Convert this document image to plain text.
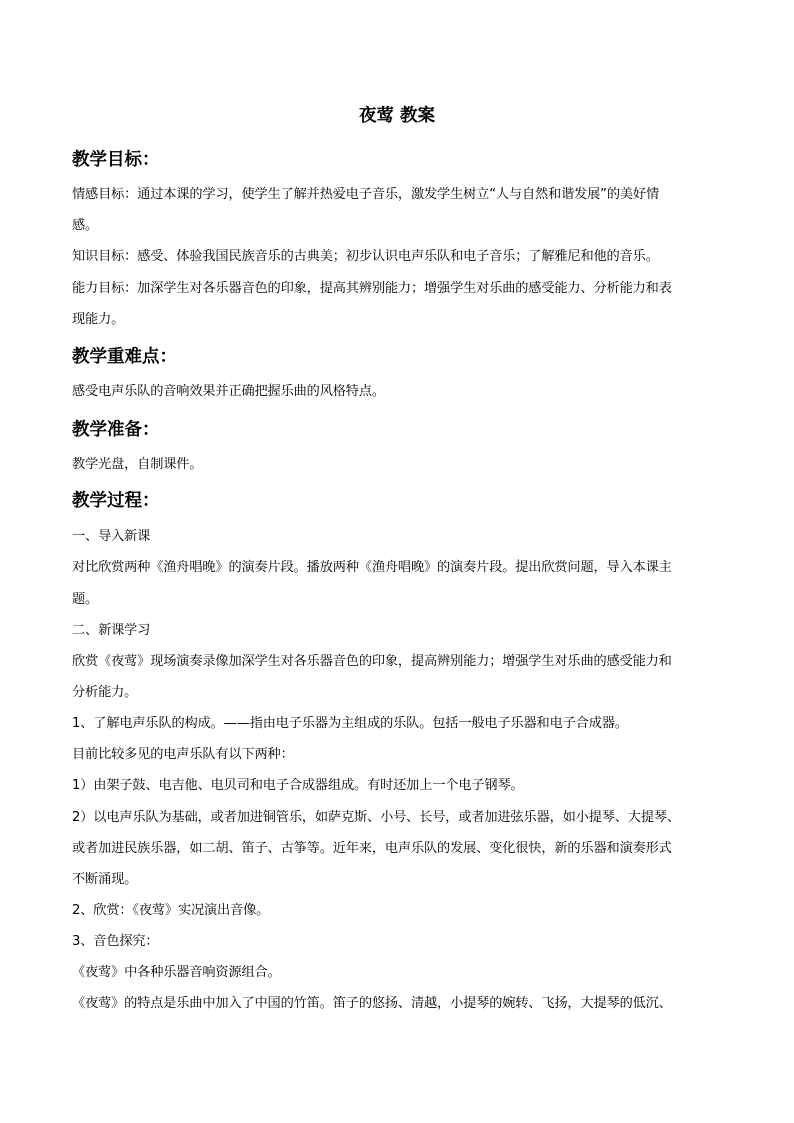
夜莺 教案
教学目标：
情感目标：通过本课的学习，使学生了解并热爱电子音乐，激发学生树立“人与自然和谐发展”的美好情
感。
知识目标：感受、体验我国民族音乐的古典美；初步认识电声乐队和电子音乐；了解雅尼和他的音乐。
能力目标：加深学生对各乐器音色的印象，提高其辨别能力；增强学生对乐曲的感受能力、分析能力和表
现能力。
教学重难点：
感受电声乐队的音响效果并正确把握乐曲的风格特点。
教学准备：
教学光盘，自制课件。
教学过程：
一、导入新课
对比欣赏两种《渔舟唱晚》的演奏片段。播放两种《渔舟唱晚》的演奏片段。提出欣赏问题，导入本课主
题。
二、新课学习
欣赏《夜莺》现场演奏录像加深学生对各乐器音色的印象，提高辨别能力；增强学生对乐曲的感受能力和
分析能力。
1、了解电声乐队的构成。——指由电子乐器为主组成的乐队。包括一般电子乐器和电子合成器。
目前比较多见的电声乐队有以下两种：
1）由架子鼓、电吉他、电贝司和电子合成器组成。有时还加上一个电子钢琴。
2）以电声乐队为基础，或者加进铜管乐，如萨克斯、小号、长号，或者加进弦乐器，如小提琴、大提琴、
或者加进民族乐器，如二胡、笛子、古筝等。近年来，电声乐队的发展、变化很快，新的乐器和演奏形式
不断涌现。
2、欣赏：《夜莺》实况演出音像。
3、音色探究：
《夜莺》中各种乐器音响资源组合。
《夜莺》的特点是乐曲中加入了中国的竹笛。笛子的悠扬、清越，小提琴的婉转、飞扬，大提琴的低沉、
